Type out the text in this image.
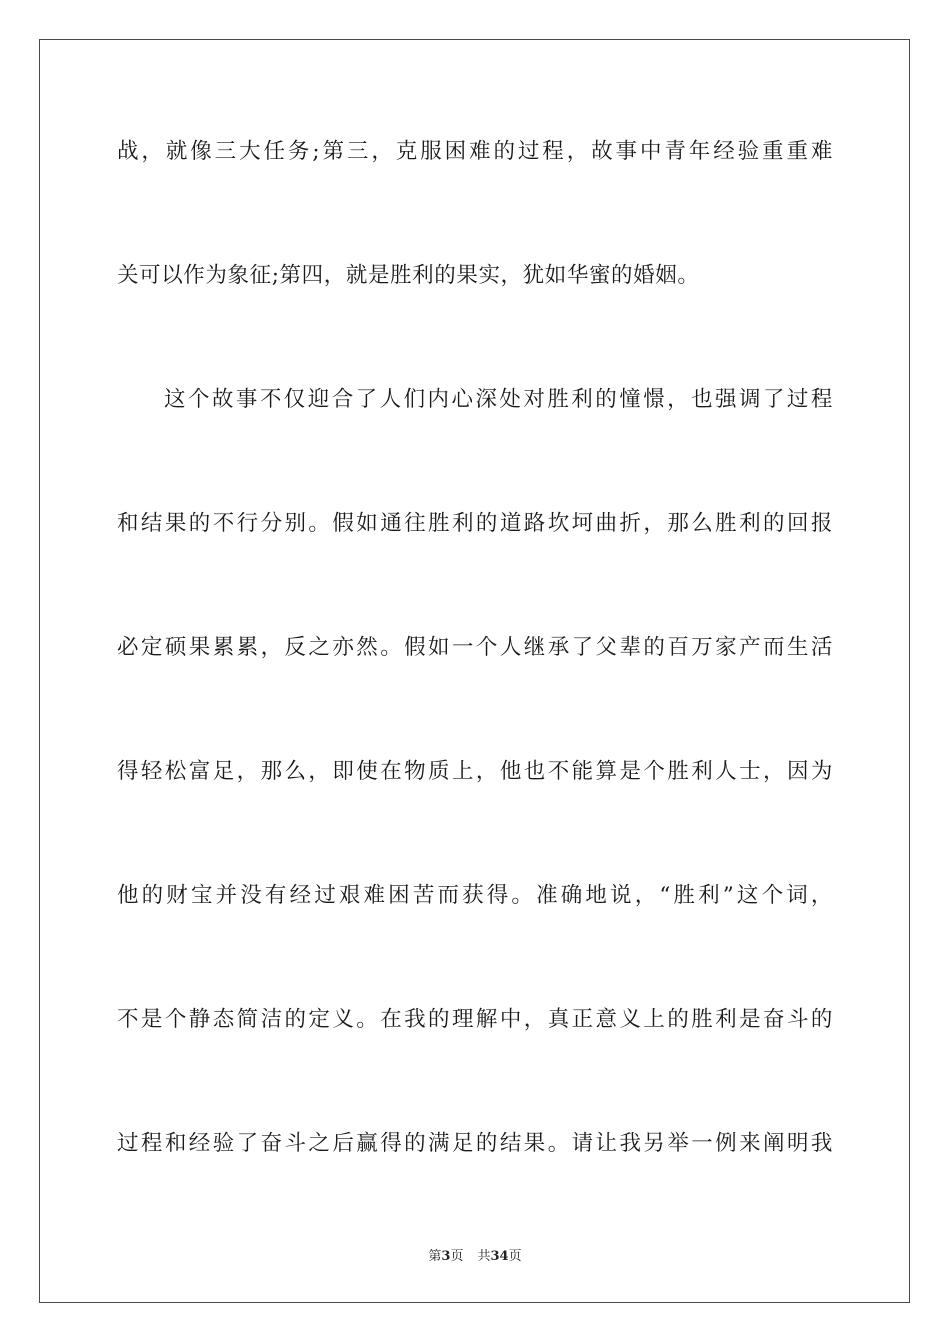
战，就像三大任务;第三，克服困难的过程，故事中青年经验重重难
关可以作为象征;第四，就是胜利的果实，犹如华蜜的婚姻。
这个故事不仅迎合了人们内心深处对胜利的憧憬，也强调了过程
和结果的不行分别。假如通往胜利的道路坎坷曲折，那么胜利的回报
必定硕果累累，反之亦然。假如一个人继承了父辈的百万家产而生活
得轻松富足，那么，即使在物质上，他也不能算是个胜利人士，因为
他的财宝并没有经过艰难困苦而获得。准确地说，“胜利”这个词，
不是个静态简洁的定义。在我的理解中，真正意义上的胜利是奋斗的
过程和经验了奋斗之后赢得的满足的结果。请让我另举一例来阐明我
第3页 共34页
